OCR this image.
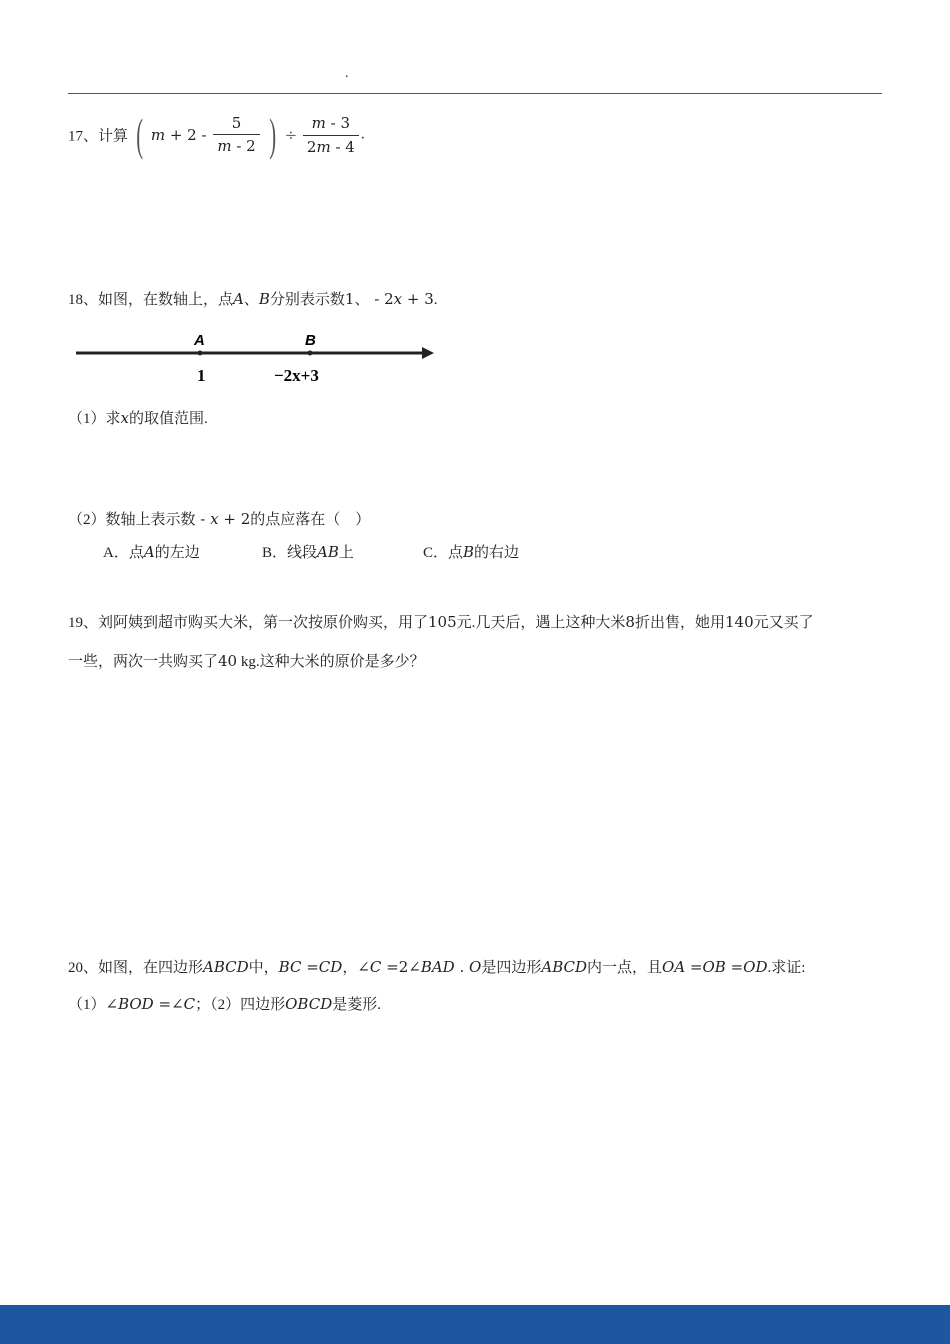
.
17、计算 ( $m + 2 - \frac{5}{m - 2}$ ) ÷ $\frac{m - 3}{2m - 4}$ .
18、如图，在数轴上，点A、B分别表示数1、 - 2x + 3.
A	B
1	−2x+3
（1）求x的取值范围.
（2）数轴上表示数 - x + 2的点应落在（　）
A．点A的左边	B．线段AB上	C．点B的右边
19、刘阿姨到超市购买大米，第一次按原价购买，用了105元.几天后，遇上这种大米8折出售，她用140元又买了
一些，两次一共购买了40 kg.这种大米的原价是多少？
20、如图，在四边形ABCD中，BC =CD，∠C =2∠BAD . O是四边形ABCD内一点，且OA =OB =OD.求证:
（1）∠BOD =∠C；（2）四边形OBCD是菱形.
